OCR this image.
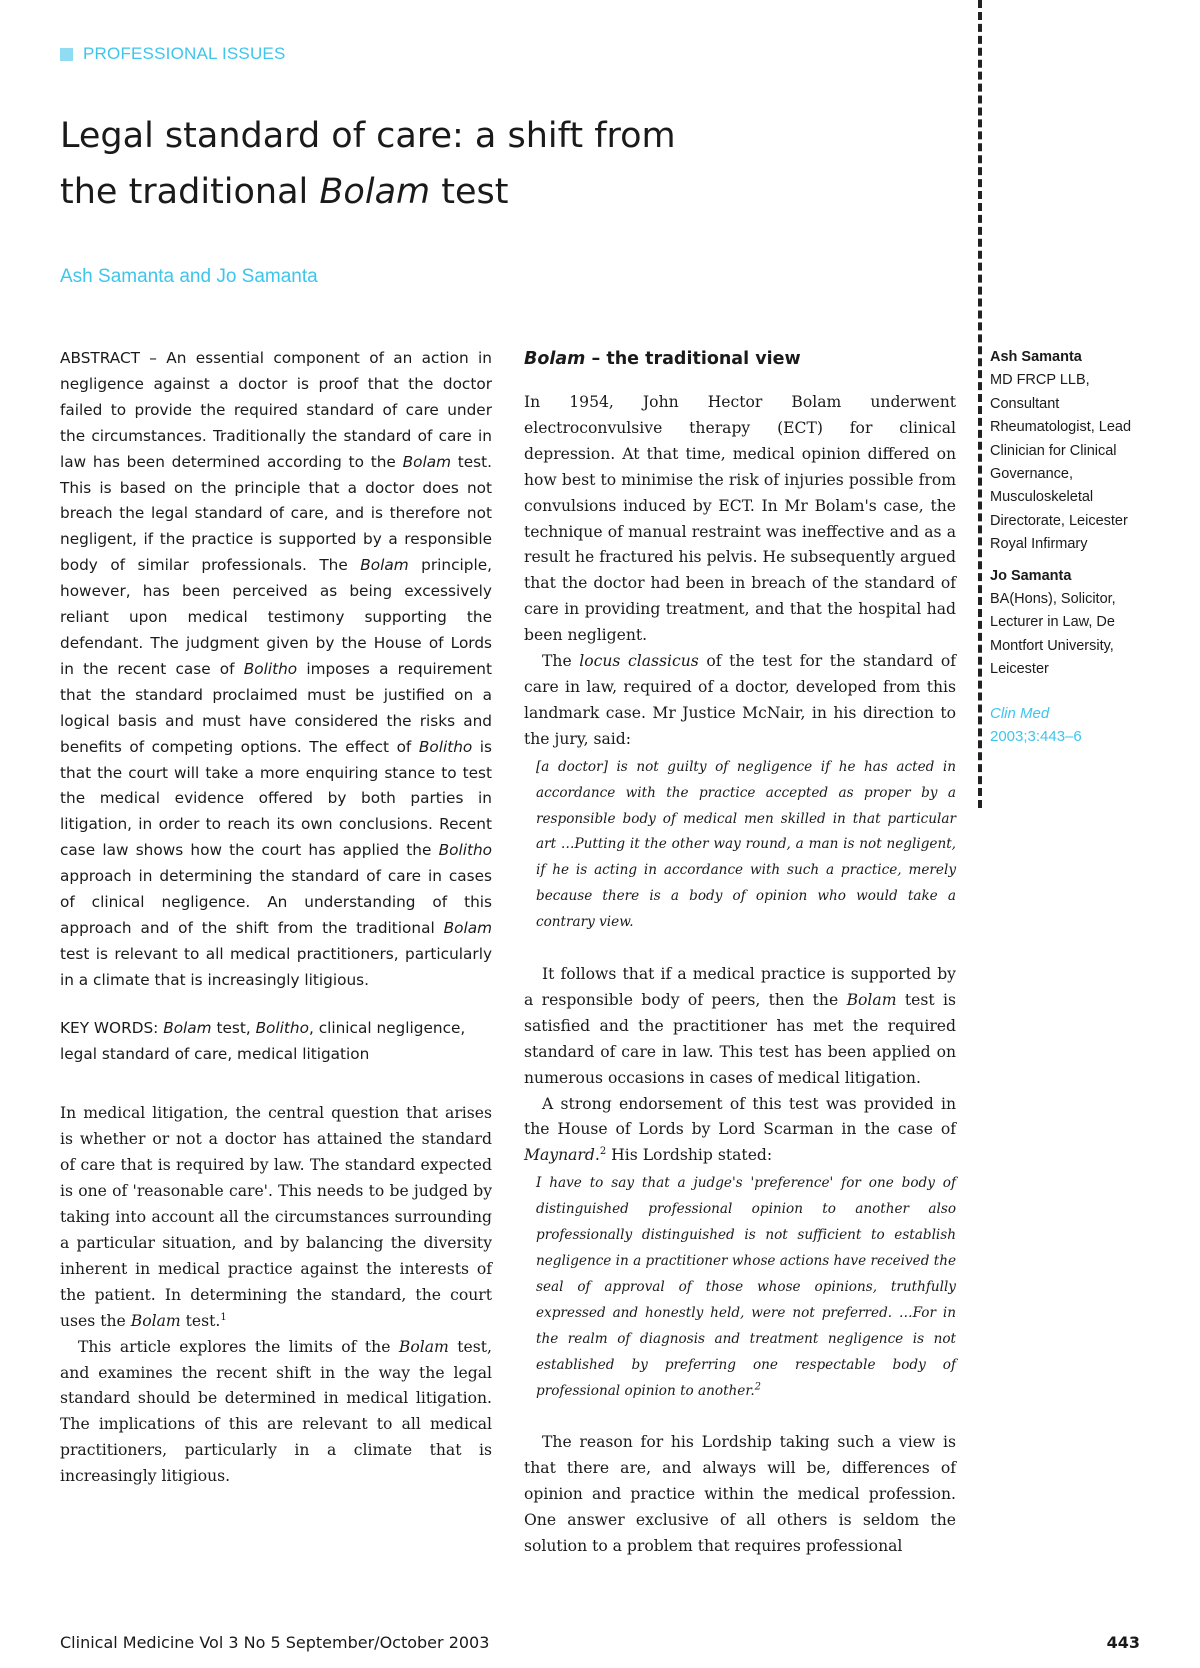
PROFESSIONAL ISSUES
Legal standard of care: a shift from
the traditional Bolam test
Ash Samanta and Jo Samanta

ABSTRACT – An essential component of an action in negligence against a doctor is proof that the doctor failed to provide the required standard of care under the circumstances. Traditionally the standard of care in law has been determined according to the Bolam test. This is based on the principle that a doctor does not breach the legal standard of care, and is therefore not negligent, if the practice is supported by a responsible body of similar professionals. The Bolam principle, however, has been perceived as being excessively reliant upon medical testimony supporting the defendant. The judgment given by the House of Lords in the recent case of Bolitho imposes a requirement that the standard proclaimed must be justified on a logical basis and must have considered the risks and benefits of competing options. The effect of Bolitho is that the court will take a more enquiring stance to test the medical evidence offered by both parties in litigation, in order to reach its own conclusions. Recent case law shows how the court has applied the Bolitho approach in determining the standard of care in cases of clinical negligence. An understanding of this approach and of the shift from the traditional Bolam test is relevant to all medical practitioners, particularly in a climate that is increasingly litigious.

KEY WORDS: Bolam test, Bolitho, clinical negligence, legal standard of care, medical litigation

In medical litigation, the central question that arises is whether or not a doctor has attained the standard of care that is required by law. The standard expected is one of 'reasonable care'. This needs to be judged by taking into account all the circumstances surrounding a particular situation, and by balancing the diversity inherent in medical practice against the interests of the patient. In determining the standard, the court uses the Bolam test.$^1$

This article explores the limits of the Bolam test, and examines the recent shift in the way the legal standard should be determined in medical litigation. The implications of this are relevant to all medical practitioners, particularly in a climate that is increasingly litigious.

Bolam – the traditional view

In 1954, John Hector Bolam underwent electroconvulsive therapy (ECT) for clinical depression. At that time, medical opinion differed on how best to minimise the risk of injuries possible from convulsions induced by ECT. In Mr Bolam's case, the technique of manual restraint was ineffective and as a result he fractured his pelvis. He subsequently argued that the doctor had been in breach of the standard of care in providing treatment, and that the hospital had been negligent.

The locus classicus of the test for the standard of care in law, required of a doctor, developed from this landmark case. Mr Justice McNair, in his direction to the jury, said:

[a doctor] is not guilty of negligence if he has acted in accordance with the practice accepted as proper by a responsible body of medical men skilled in that particular art …Putting it the other way round, a man is not negligent, if he is acting in accordance with such a practice, merely because there is a body of opinion who would take a contrary view.

It follows that if a medical practice is supported by a responsible body of peers, then the Bolam test is satisfied and the practitioner has met the required standard of care in law. This test has been applied on numerous occasions in cases of medical litigation.

A strong endorsement of this test was provided in the House of Lords by Lord Scarman in the case of Maynard.$^2$ His Lordship stated:

I have to say that a judge's 'preference' for one body of distinguished professional opinion to another also professionally distinguished is not sufficient to establish negligence in a practitioner whose actions have received the seal of approval of those whose opinions, truthfully expressed and honestly held, were not preferred. …For in the realm of diagnosis and treatment negligence is not established by preferring one respectable body of professional opinion to another.$^2$

The reason for his Lordship taking such a view is that there are, and always will be, differences of opinion and practice within the medical profession. One answer exclusive of all others is seldom the solution to a problem that requires professional

Ash Samanta
MD FRCP LLB, Consultant Rheumatologist, Lead Clinician for Clinical Governance, Musculoskeletal Directorate, Leicester Royal Infirmary
Jo Samanta
BA(Hons), Solicitor, Lecturer in Law, De Montfort University, Leicester
Clin Med
2003;3:443–6
Clinical Medicine Vol 3 No 5 September/October 2003	443
